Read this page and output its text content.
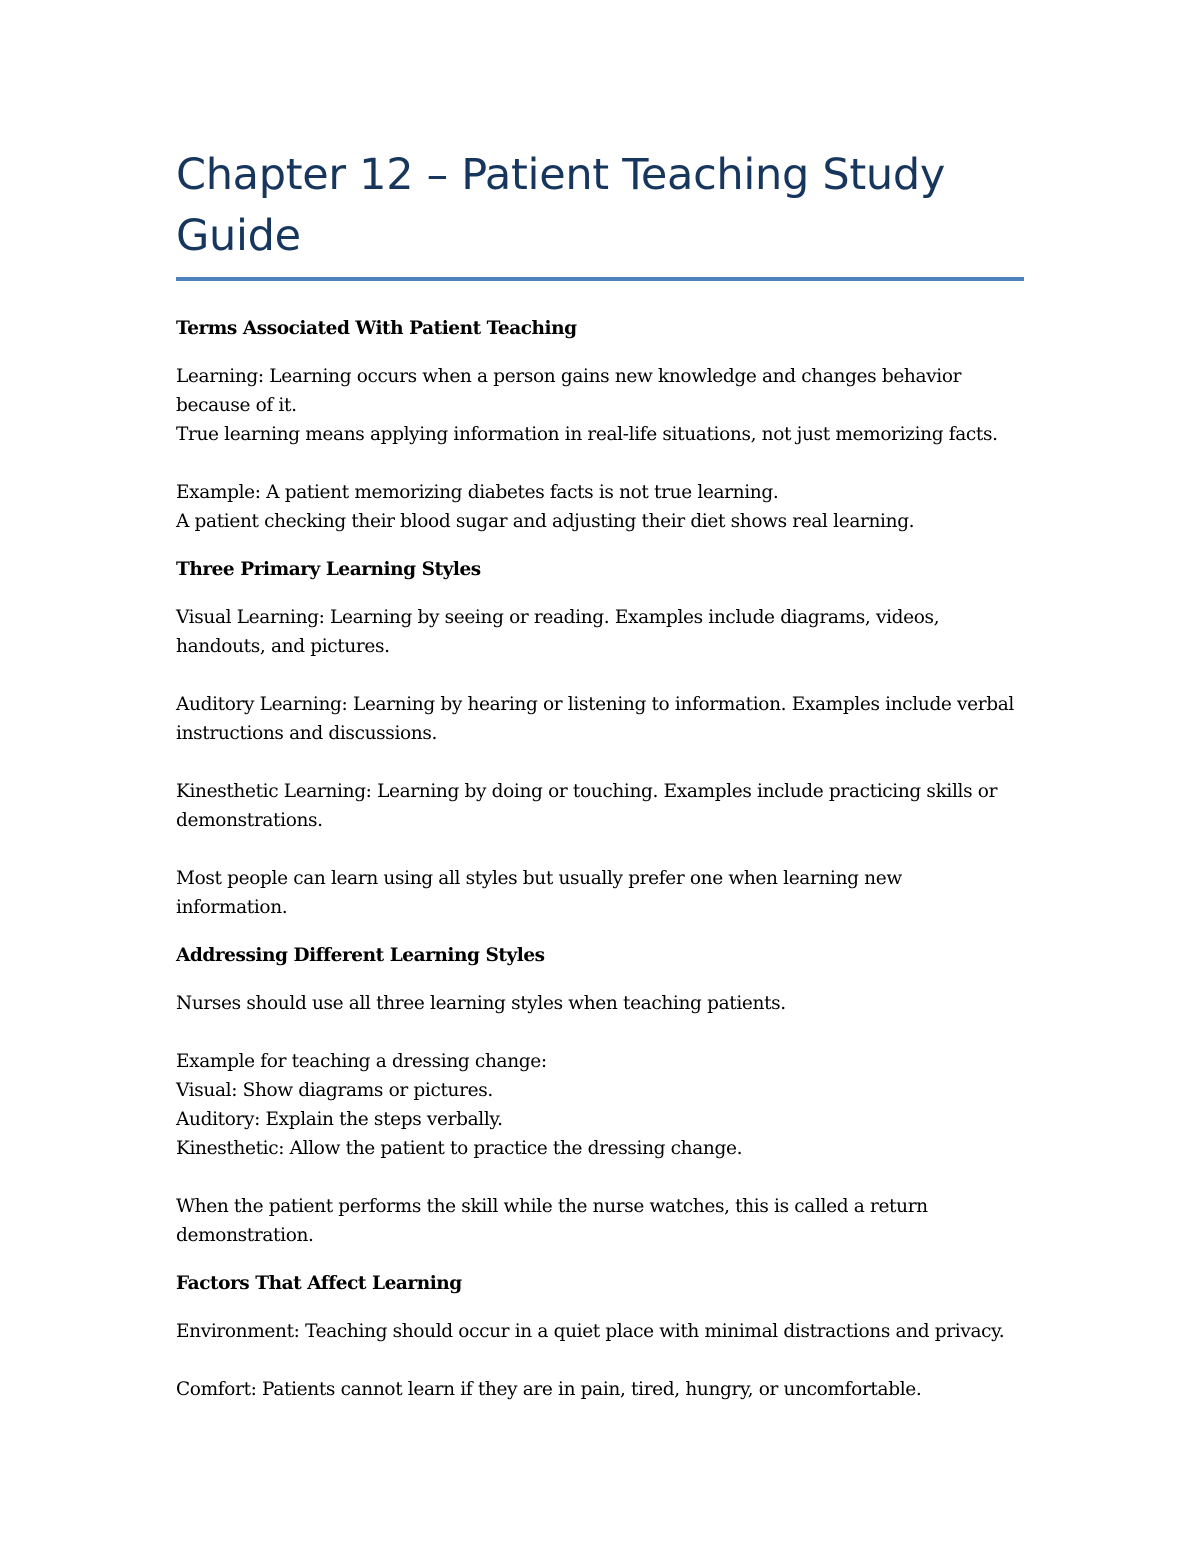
Chapter 12 – Patient Teaching Study Guide

Terms Associated With Patient Teaching

Learning: Learning occurs when a person gains new knowledge and changes behavior
because of it.
True learning means applying information in real-life situations, not just memorizing facts.

Example: A patient memorizing diabetes facts is not true learning.
A patient checking their blood sugar and adjusting their diet shows real learning.

Three Primary Learning Styles

Visual Learning: Learning by seeing or reading. Examples include diagrams, videos,
handouts, and pictures.

Auditory Learning: Learning by hearing or listening to information. Examples include verbal
instructions and discussions.

Kinesthetic Learning: Learning by doing or touching. Examples include practicing skills or
demonstrations.

Most people can learn using all styles but usually prefer one when learning new
information.

Addressing Different Learning Styles

Nurses should use all three learning styles when teaching patients.

Example for teaching a dressing change:
Visual: Show diagrams or pictures.
Auditory: Explain the steps verbally.
Kinesthetic: Allow the patient to practice the dressing change.

When the patient performs the skill while the nurse watches, this is called a return
demonstration.

Factors That Affect Learning

Environment: Teaching should occur in a quiet place with minimal distractions and privacy.

Comfort: Patients cannot learn if they are in pain, tired, hungry, or uncomfortable.
